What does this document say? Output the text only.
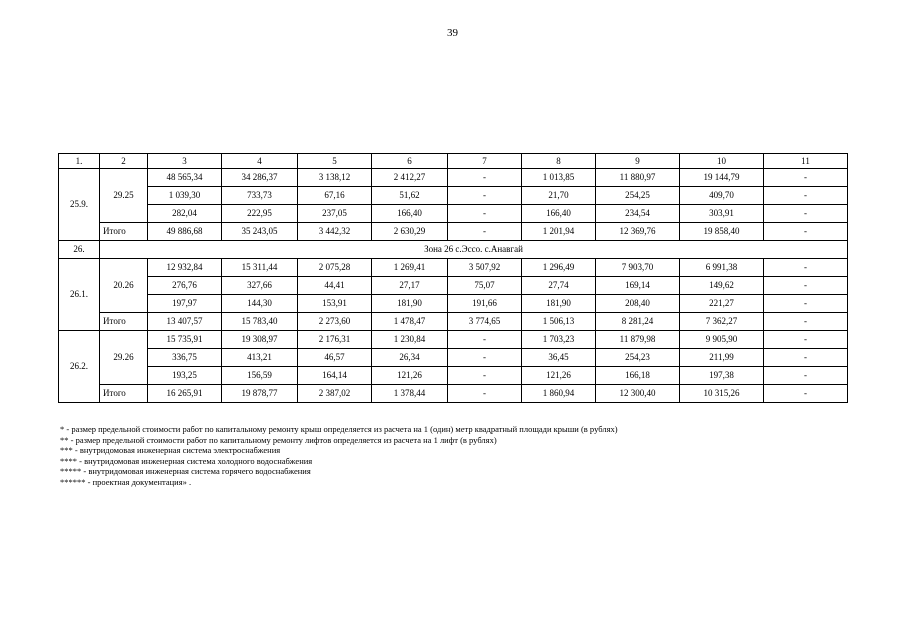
39
1.	2	3	4	5	6	7	8	9	10	11
25.9.	29.25	48 565,34	34 286,37	3 138,12	2 412,27	-	1 013,85	11 880,97	19 144,79	-
		1 039,30	733,73	67,16	51,62	-	21,70	254,25	409,70	-
		282,04	222,95	237,05	166,40	-	166,40	234,54	303,91	-
	Итого	49 886,68	35 243,05	3 442,32	2 630,29	-	1 201,94	12 369,76	19 858,40	-
26.	Зона 26 с.Эссо. с.Анавгай									
26.1.	20.26	12 932,84	15 311,44	2 075,28	1 269,41	3 507,92	1 296,49	7 903,70	6 991,38	-
		276,76	327,66	44,41	27,17	75,07	27,74	169,14	149,62	-
		197,97	144,30	153,91	181,90	191,66	181,90	208,40	221,27	-
	Итого	13 407,57	15 783,40	2 273,60	1 478,47	3 774,65	1 506,13	8 281,24	7 362,27	-
26.2.	29.26	15 735,91	19 308,97	2 176,31	1 230,84	-	1 703,23	11 879,98	9 905,90	-
		336,75	413,21	46,57	26,34	-	36,45	254,23	211,99	-
		193,25	156,59	164,14	121,26	-	121,26	166,18	197,38	-
	Итого	16 265,91	19 878,77	2 387,02	1 378,44	-	1 860,94	12 300,40	10 315,26	-
* - размер предельной стоимости работ по капитальному ремонту крыш определяется из расчета на 1 (один) метр квадратный площади крыши (в рублях)
** - размер предельной стоимости работ по капитальному ремонту лифтов определяется из расчета на 1 лифт (в рублях)
*** - внутридомовая инженерная система электроснабжения
**** - внутридомовая инженерная система холодного водоснабжения
***** - внутридомовая инженерная система горячего водоснабжения
****** - проектная документация» .
